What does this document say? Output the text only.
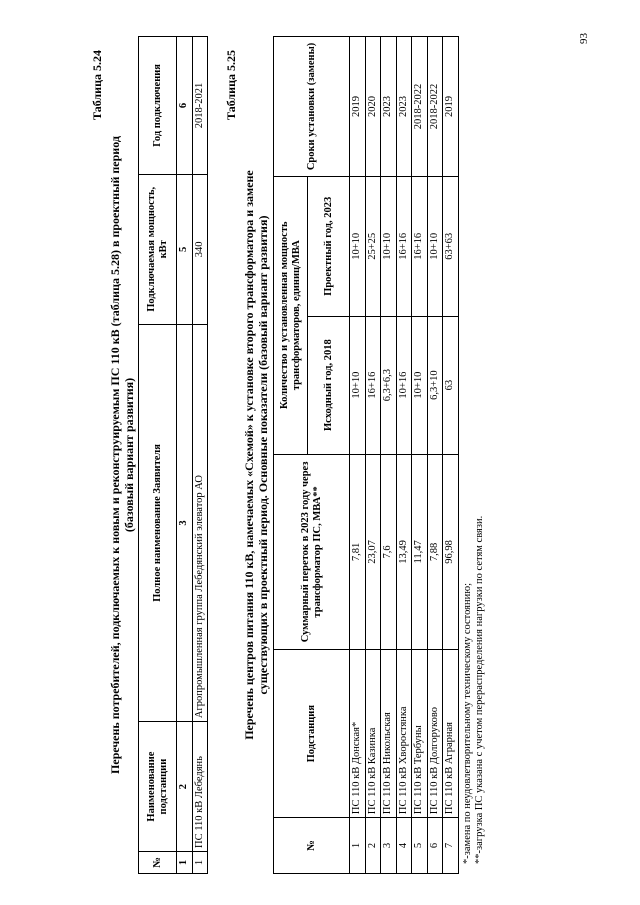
93
Таблица 5.24
Перечень потребителей, подключаемых к новым и реконструируемым ПС 110 кВ (таблица 5.28) в проектный период (базовый вариант развития)
№	Наименование подстанции	Полное наименование Заявителя	Подключаемая мощность, кВт	Год подключения
1	2	3	5	6
1	ПС 110 кВ Лебедянь	Агропромышленная группа Лебедянский элеватор АО	340	2018-2021 Таблица 5.25
Перечень центров питания 110 кВ, намечаемых «Схемой» к установке второго трансформатора и замене существующих в проектный период. Основные показатели (базовый вариант развития)
№	Подстанция	Суммарный переток в 2023 году через трансформатор ПС, МВА**	Количество и установленная мощность трансформаторов, единиц/МВА		Сроки установки (замены)
			Исходный год, 2018	Проектный год, 2023	
1	ПС 110 кВ Донская*	7,81	10+10	10+10	2019
2	ПС 110 кВ Казинка	23,07	16+16	25+25	2020
3	ПС 110 кВ Никольская	7,6	6,3+6,3	10+10	2023
4	ПС 110 кВ Хворостянка	13,49	10+16	16+16	2023
5	ПС 110 кВ Тербуны	11,47	10+10	16+16	2018-2022
6	ПС 110 кВ Долгоруково	7,88	6,3+10	10+10	2018-2022
7	ПС 110 кВ Аграрная	96,98	63	63+63	2019
*-замена по неудовлетворительному техническому состоянию; **-загрузка ПС указана с учетом перераспределения нагрузки по сетям связи.
